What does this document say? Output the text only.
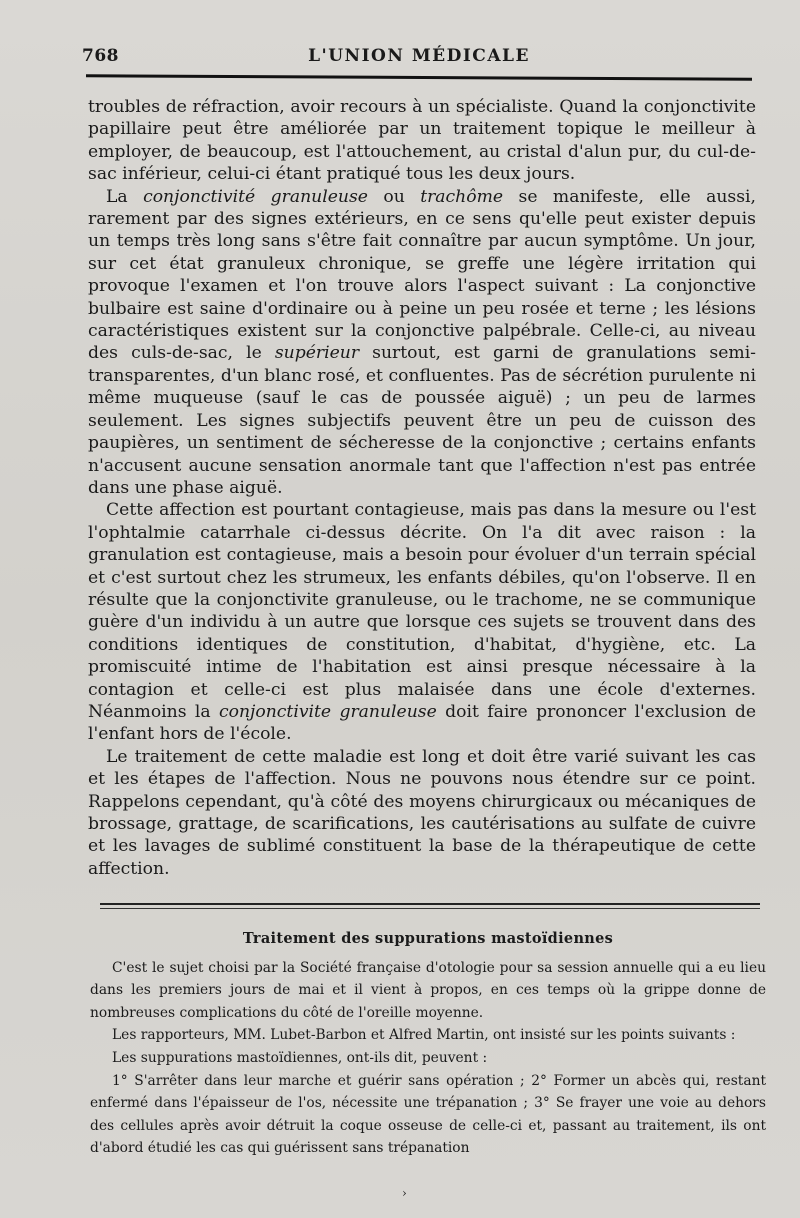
768	L'UNION MÉDICALE

troubles de réfraction, avoir recours à un spécialiste. Quand la conjonctivite papillaire peut être améliorée par un traitement topique le meilleur à employer, de beaucoup, est l'attouchement, au cristal d'alun pur, du cul-de-sac inférieur, celui-ci étant pratiqué tous les deux jours.

La conjonctivité granuleuse ou trachôme se manifeste, elle aussi, rarement par des signes extérieurs, en ce sens qu'elle peut exister depuis un temps très long sans s'être fait connaître par aucun symptôme. Un jour, sur cet état granuleux chronique, se greffe une légère irritation qui provoque l'examen et l'on trouve alors l'aspect suivant : La conjonctive bulbaire est saine d'ordinaire ou à peine un peu rosée et terne ; les lésions caractéristiques existent sur la conjonctive palpébrale. Celle-ci, au niveau des culs-de-sac, le supérieur surtout, est garni de granulations semi-transparentes, d'un blanc rosé, et confluentes. Pas de sécrétion purulente ni même muqueuse (sauf le cas de poussée aiguë) ; un peu de larmes seulement. Les signes subjectifs peuvent être un peu de cuisson des paupières, un sentiment de sécheresse de la conjonctive ; certains enfants n'accusent aucune sensation anormale tant que l'affection n'est pas entrée dans une phase aiguë.

Cette affection est pourtant contagieuse, mais pas dans la mesure ou l'est l'ophtalmie catarrhale ci-dessus décrite. On l'a dit avec raison : la granulation est contagieuse, mais a besoin pour évoluer d'un terrain spécial et c'est surtout chez les strumeux, les enfants débiles, qu'on l'observe. Il en résulte que la conjonctivite granuleuse, ou le trachome, ne se communique guère d'un individu à un autre que lorsque ces sujets se trouvent dans des conditions identiques de constitution, d'habitat, d'hygiène, etc. La promiscuité intime de l'habitation est ainsi presque nécessaire à la contagion et celle-ci est plus malaisée dans une école d'externes. Néanmoins la conjonctivite granuleuse doit faire prononcer l'exclusion de l'enfant hors de l'école.

Le traitement de cette maladie est long et doit être varié suivant les cas et les étapes de l'affection. Nous ne pouvons nous étendre sur ce point. Rappelons cependant, qu'à côté des moyens chirurgicaux ou mécaniques de brossage, grattage, de scarifications, les cautérisations au sulfate de cuivre et les lavages de sublimé constituent la base de la thérapeutique de cette affection.

Traitement des suppurations mastoïdiennes

C'est le sujet choisi par la Société française d'otologie pour sa session annuelle qui a eu lieu dans les premiers jours de mai et il vient à propos, en ces temps où la grippe donne de nombreuses complications du côté de l'oreille moyenne.

Les rapporteurs, MM. Lubet-Barbon et Alfred Martin, ont insisté sur les points suivants :

Les suppurations mastoïdiennes, ont-ils dit, peuvent :

1° S'arrêter dans leur marche et guérir sans opération ; 2° Former un abcès qui, restant enfermé dans l'épaisseur de l'os, nécessite une trépanation ; 3° Se frayer une voie au dehors des cellules après avoir détruit la coque osseuse de celle-ci et, passant au traitement, ils ont d'abord étudié les cas qui guérissent sans trépanation

›
